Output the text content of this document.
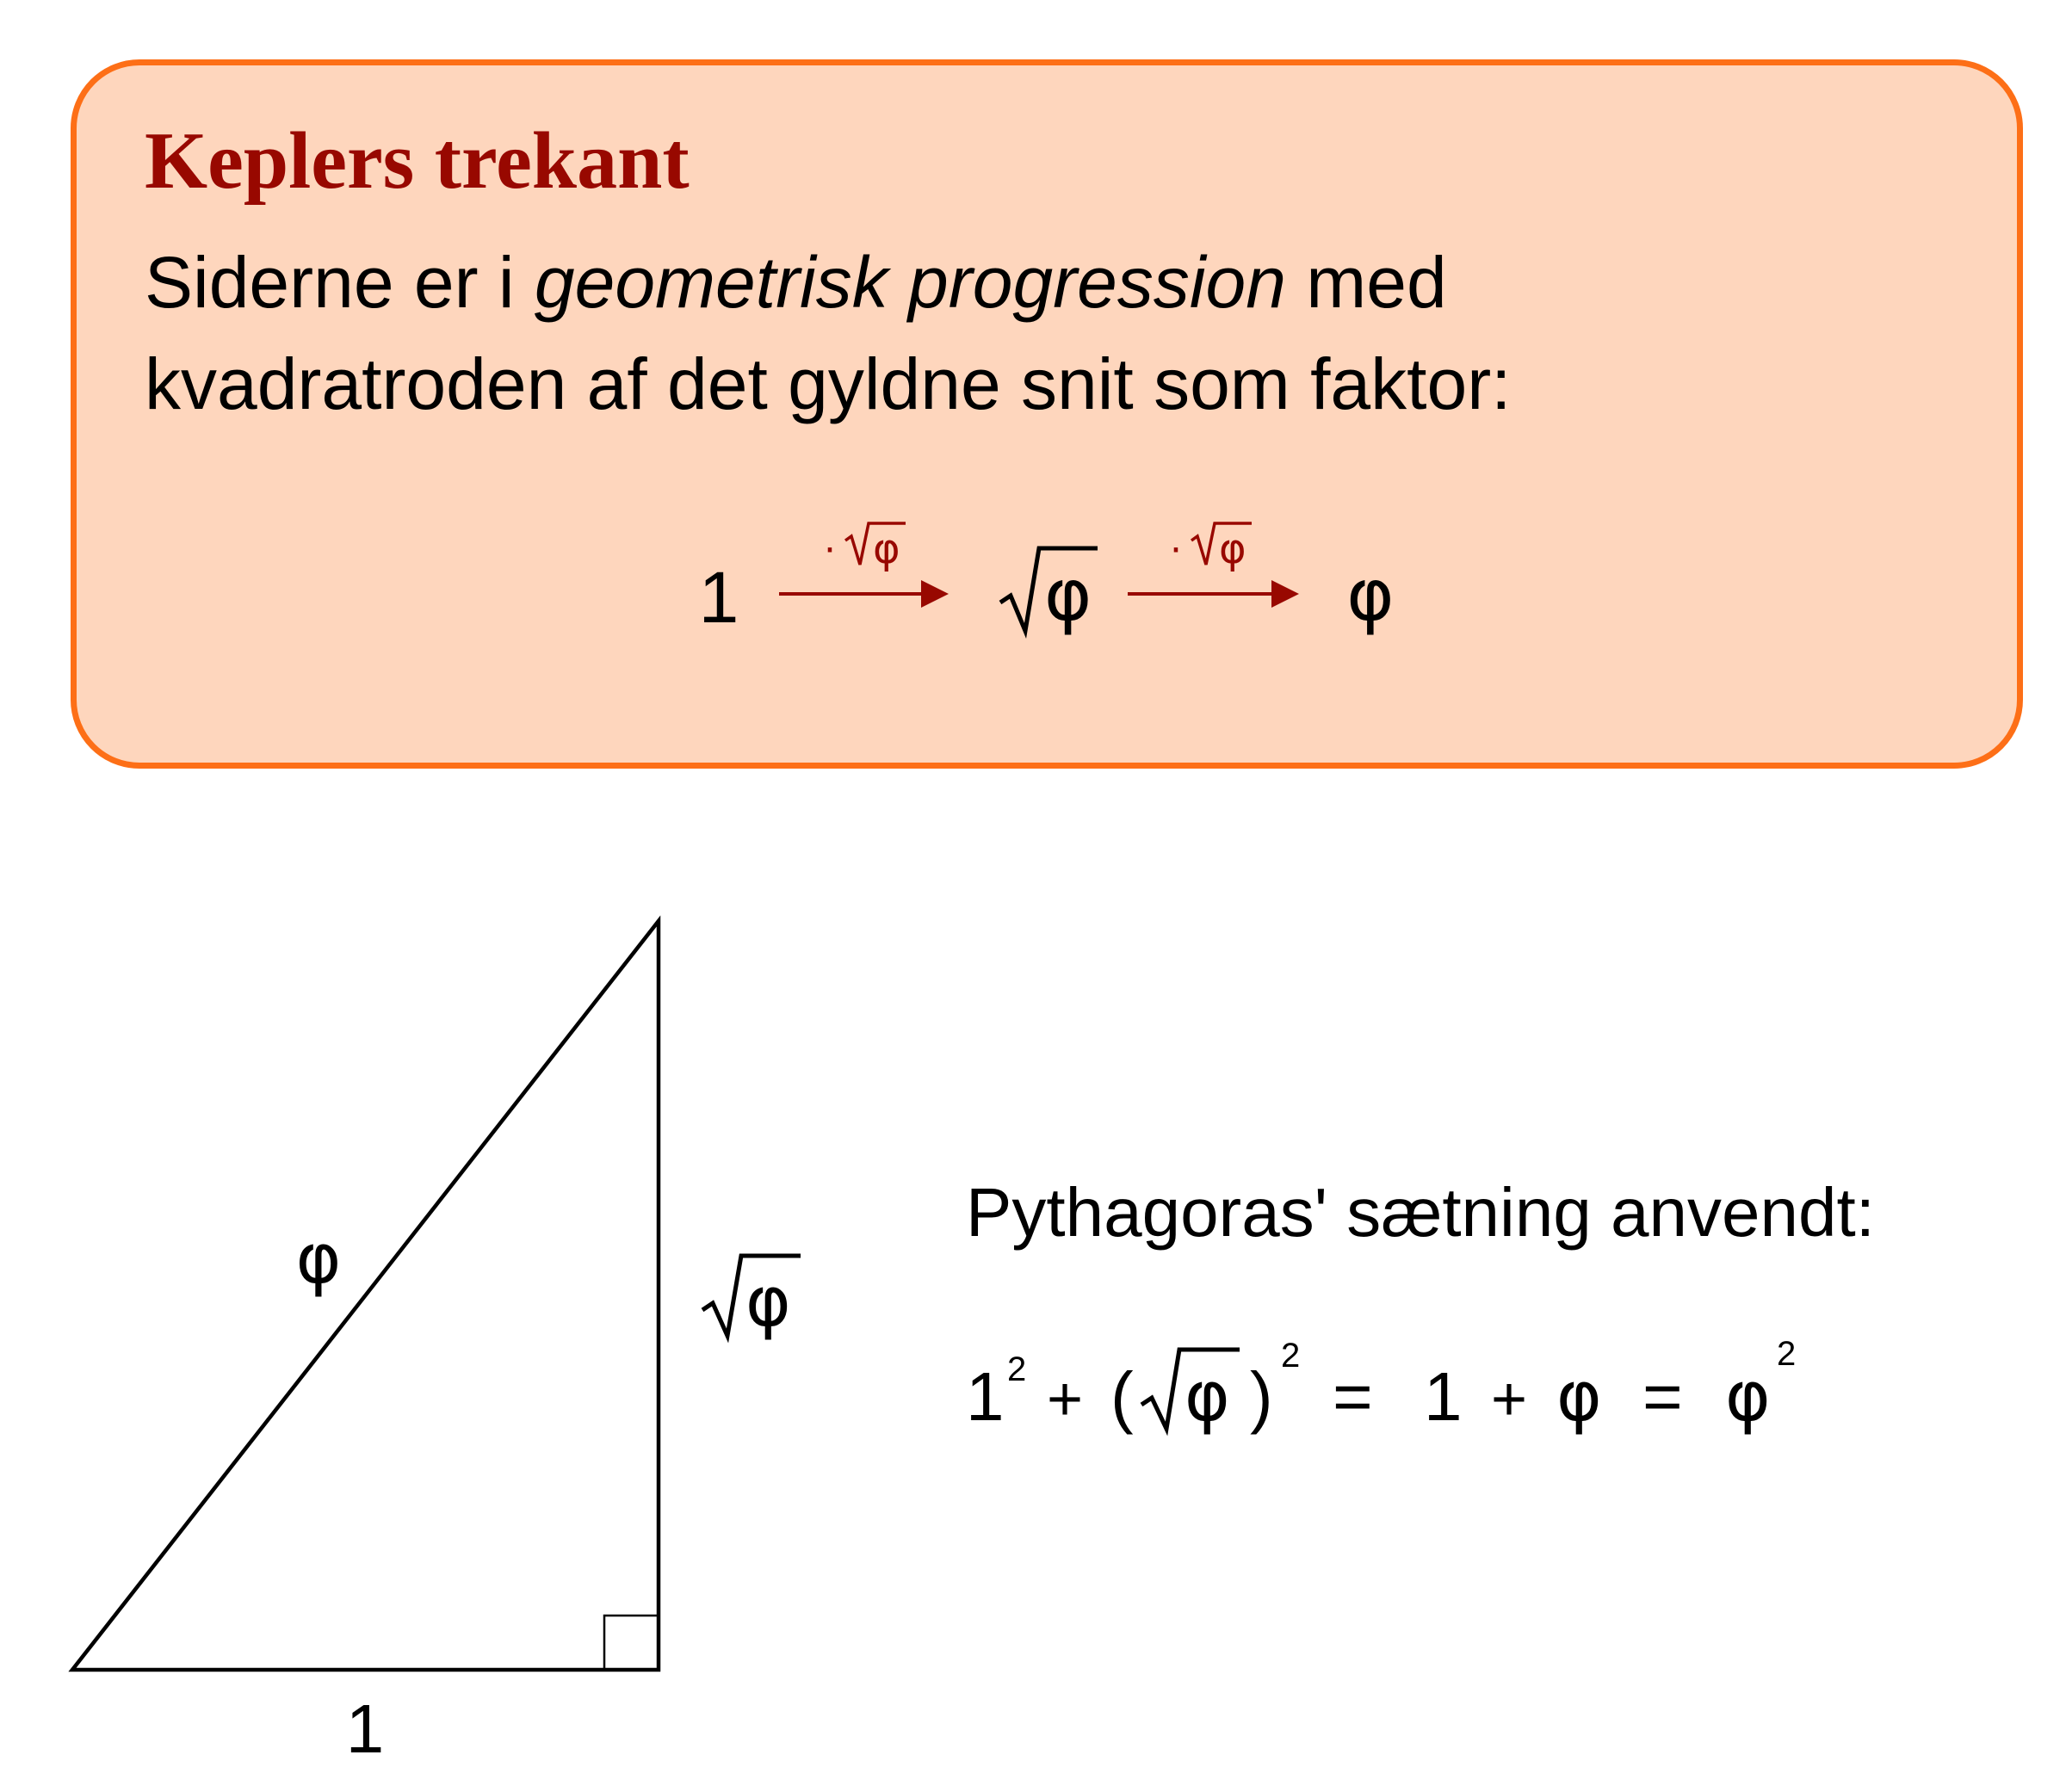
Keplers trekant
Siderne er i geometrisk progression med
kvadratroden af det gyldne snit som faktor:
1
· φ
φ
· φ
φ
1
φ
φ
Pythagoras' sætning anvendt:
1 2 + ( φ )
2
= 1 + φ = φ
2
